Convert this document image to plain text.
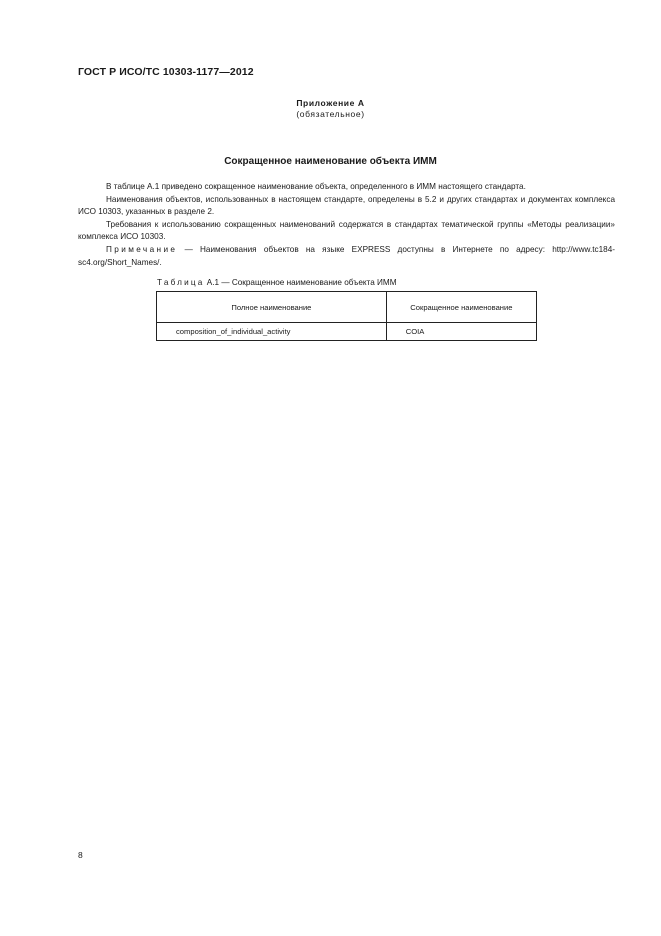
ГОСТ Р ИСО/ТС 10303-1177—2012
Приложение А
(обязательное)
Сокращенное наименование объекта ИММ

В таблице А.1 приведено сокращенное наименование объекта, определенного в ИММ настоящего стандарта.

Наименования объектов, использованных в настоящем стандарте, определены в 5.2 и других стандартах и документах комплекса ИСО 10303, указанных в разделе 2.

Требования к использованию сокращенных наименований содержатся в стандартах тематической группы «Методы реализации» комплекса ИСО 10303.

Примечание — Наименования объектов на языке EXPRESS доступны в Интернете по адресу: http://www.tc184-sc4.org/Short_Names/.

Таблица А.1 — Сокращенное наименование объекта ИММ
Полное наименование	Сокращенное наименование
composition_of_individual_activity	COIA
8
